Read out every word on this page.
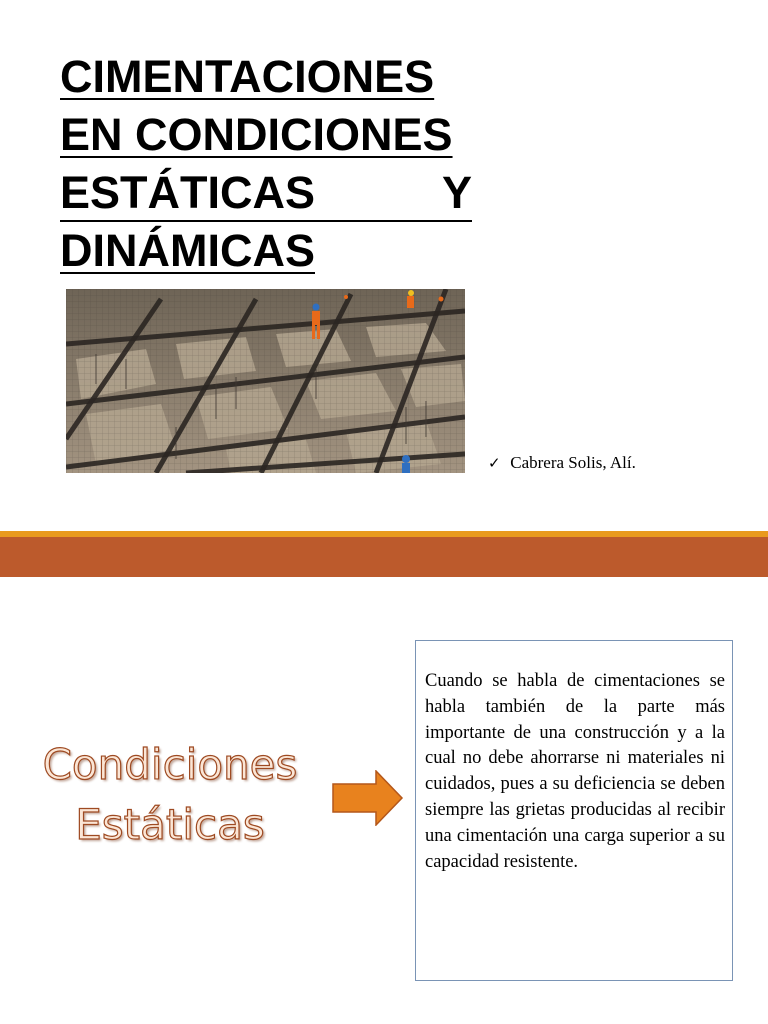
CIMENTACIONES
EN CONDICIONES
ESTÁTICAS	Y
DINÁMICAS
✓ Cabrera Solis, Alí.
Condiciones
Estáticas
Cuando se habla de cimentaciones se habla también de la parte más importante de una construcción y a la cual no debe ahorrarse ni materiales ni cuidados, pues a su deficiencia se deben siempre las grietas producidas al recibir una cimentación una carga superior a su capacidad resistente.
